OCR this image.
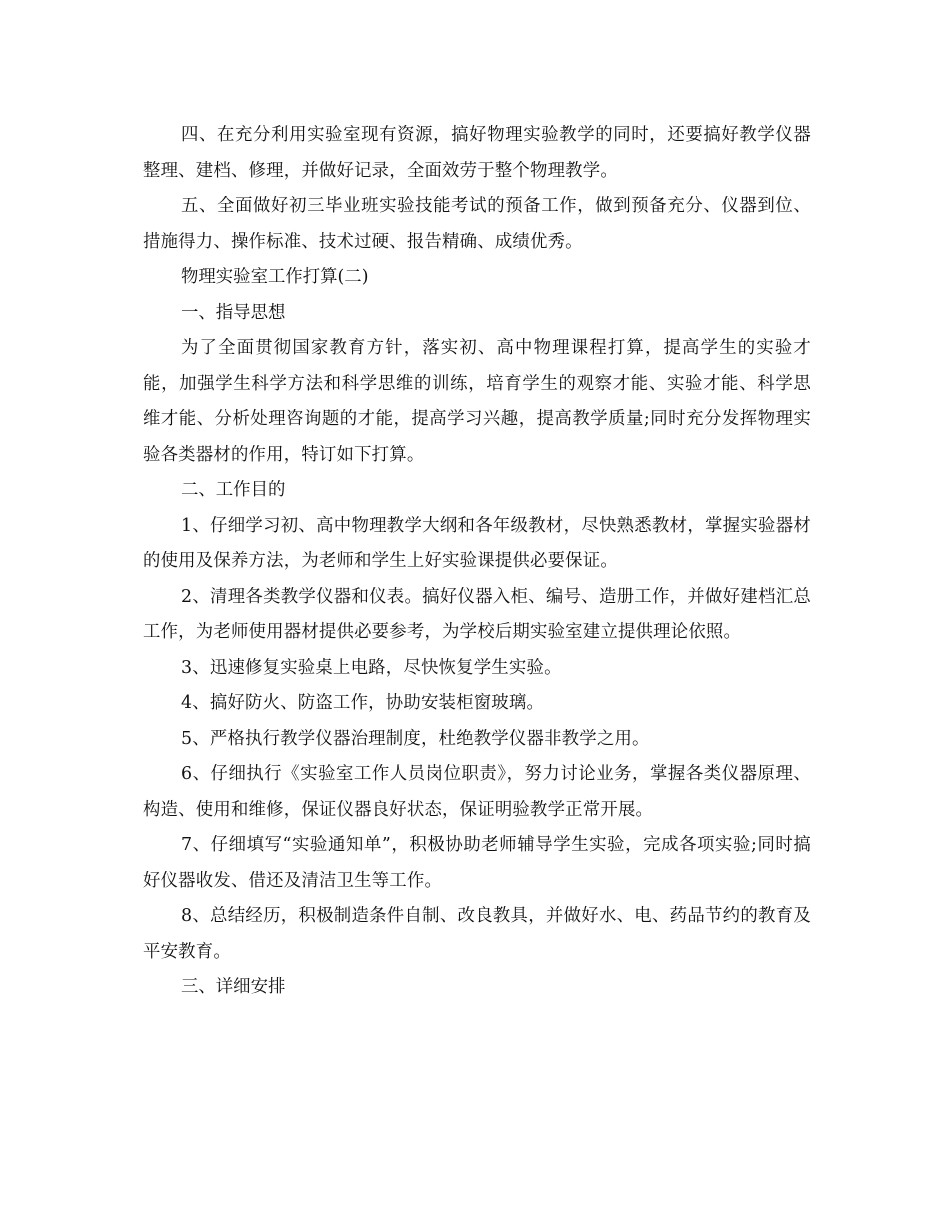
四、在充分利用实验室现有资源，搞好物理实验教学的同时，还要搞好教学仪器整理、建档、修理，并做好记录，全面效劳于整个物理教学。

五、全面做好初三毕业班实验技能考试的预备工作，做到预备充分、仪器到位、措施得力、操作标准、技术过硬、报告精确、成绩优秀。

物理实验室工作打算(二)

一、指导思想

为了全面贯彻国家教育方针，落实初、高中物理课程打算，提高学生的实验才能，加强学生科学方法和科学思维的训练，培育学生的观察才能、实验才能、科学思维才能、分析处理咨询题的才能，提高学习兴趣，提高教学质量;同时充分发挥物理实验各类器材的作用，特订如下打算。

二、工作目的

1、仔细学习初、高中物理教学大纲和各年级教材，尽快熟悉教材，掌握实验器材的使用及保养方法，为老师和学生上好实验课提供必要保证。

2、清理各类教学仪器和仪表。搞好仪器入柜、编号、造册工作，并做好建档汇总工作，为老师使用器材提供必要参考，为学校后期实验室建立提供理论依照。

3、迅速修复实验桌上电路，尽快恢复学生实验。

4、搞好防火、防盗工作，协助安装柜窗玻璃。

5、严格执行教学仪器治理制度，杜绝教学仪器非教学之用。

6、仔细执行《实验室工作人员岗位职责》，努力讨论业务，掌握各类仪器原理、构造、使用和维修，保证仪器良好状态，保证明验教学正常开展。

7、仔细填写“实验通知单”，积极协助老师辅导学生实验，完成各项实验;同时搞好仪器收发、借还及清洁卫生等工作。

8、总结经历，积极制造条件自制、改良教具，并做好水、电、药品节约的教育及平安教育。

三、详细安排
